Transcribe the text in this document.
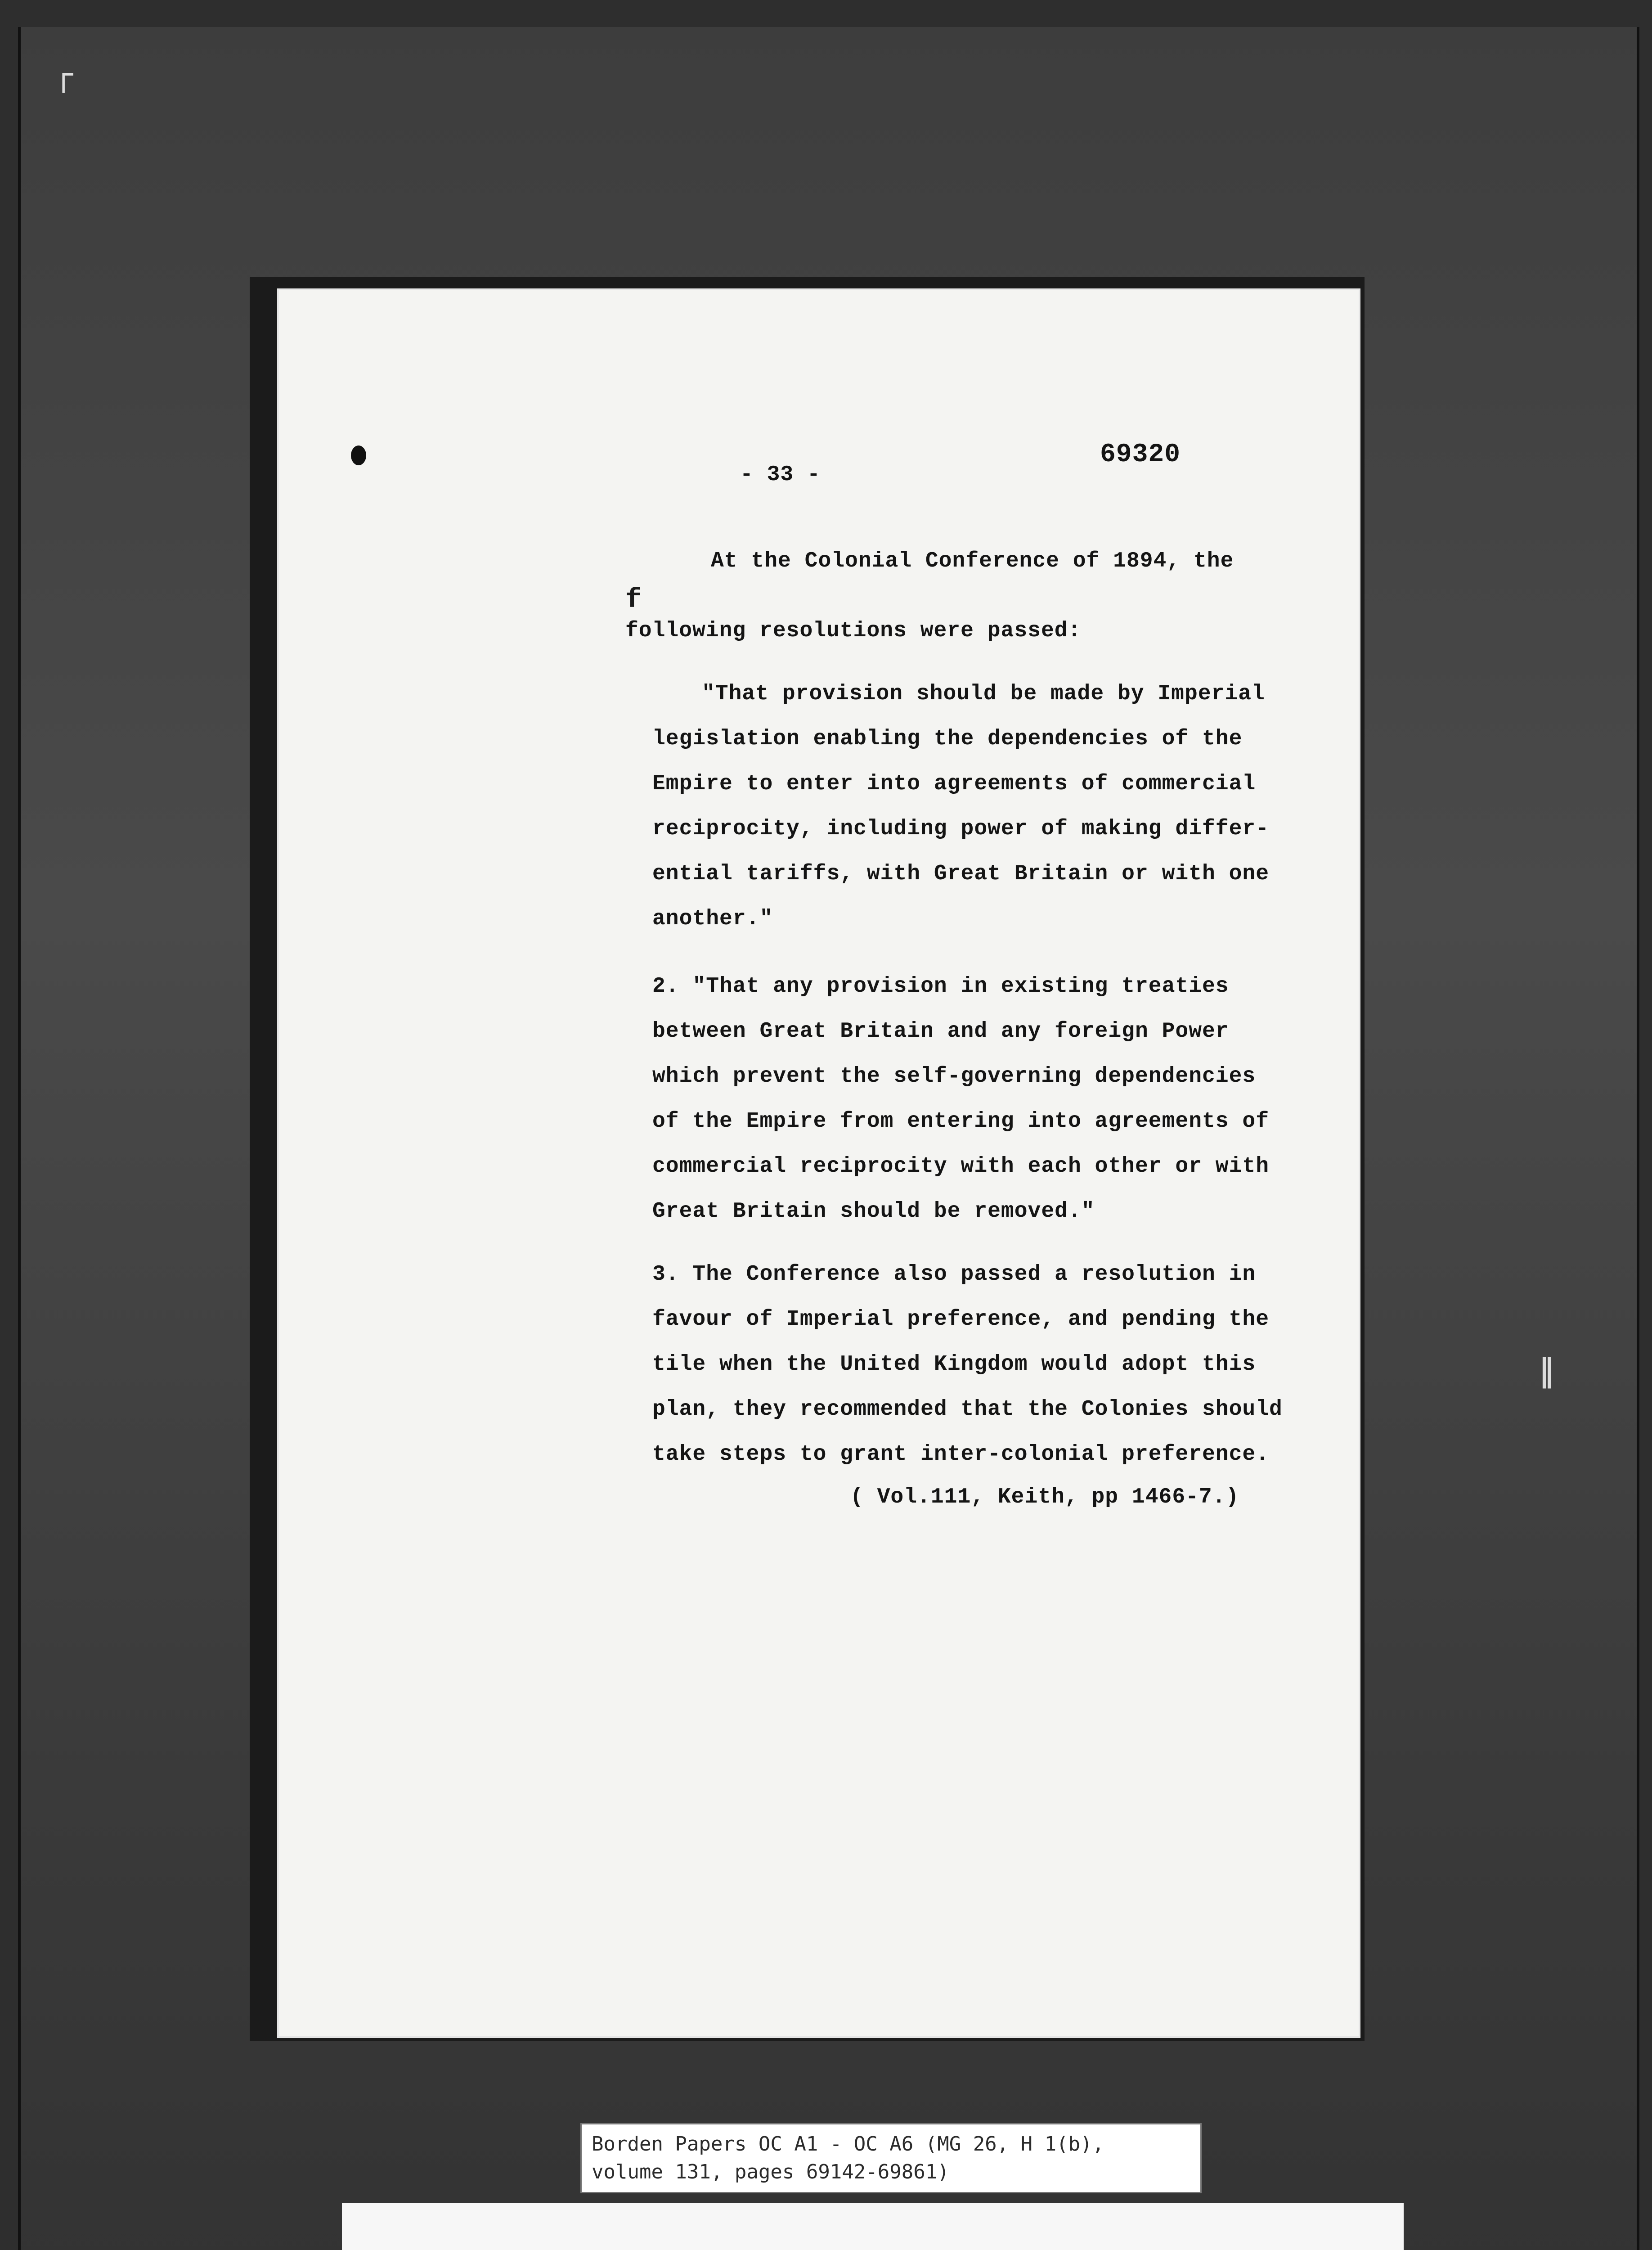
┌
‖
69320
- 33 -
At the Colonial Conference of 1894, the
f
following resolutions were passed:
"That provision should be made by Imperial
legislation enabling the dependencies of the
Empire to enter into agreements of commercial
reciprocity, including power of making differ-
ential tariffs, with Great Britain or with one
another."
2. "That any provision in existing treaties
between Great Britain and any foreign Power
which prevent the self-governing dependencies
of the Empire from entering into agreements of
commercial reciprocity with each other or with
Great Britain should be removed."
3. The Conference also passed a resolution in
favour of Imperial preference, and pending the
tile when the United Kingdom would adopt this
plan, they recommended that the Colonies should
take steps to grant inter-colonial preference.
( Vol.111, Keith, pp 1466-7.)
Borden Papers OC A1 - OC A6 (MG 26, H 1(b),
volume 131, pages 69142-69861)
